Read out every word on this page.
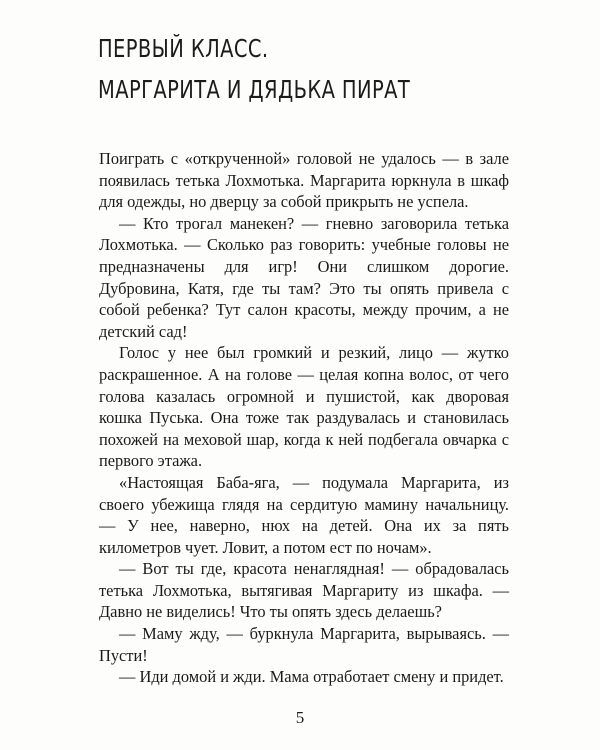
ПЕРВЫЙ КЛАСС.
МАРГАРИТА И ДЯДЬКА ПИРАТ

Поиграть с «открученной» головой не удалось — в зале появилась тетька Лохмотька. Маргарита юркнула в шкаф для одежды, но дверцу за собой прикрыть не успела.

— Кто трогал манекен? — гневно заговорила тетька Лохмотька. — Сколько раз говорить: учебные головы не предназначены для игр! Они слишком дорогие. Дубровина, Катя, где ты там? Это ты опять привела с собой ребенка? Тут салон красоты, между прочим, а не детский сад!

Голос у нее был громкий и резкий, лицо — жутко раскрашенное. А на голове — целая копна волос, от чего голова казалась огромной и пушистой, как дворовая кошка Пуська. Она тоже так раздувалась и становилась похожей на меховой шар, когда к ней подбегала овчарка с первого этажа.

«Настоящая Баба-яга, — подумала Маргарита, из своего убежища глядя на сердитую мамину начальницу. — У нее, наверно, нюх на детей. Она их за пять километров чует. Ловит, а потом ест по ночам».

— Вот ты где, красота ненаглядная! — обрадовалась тетька Лохмотька, вытягивая Маргариту из шкафа. — Давно не виделись! Что ты опять здесь делаешь?

— Маму жду, — буркнула Маргарита, вырываясь. — Пусти!

— Иди домой и жди. Мама отработает смену и придет.

5
